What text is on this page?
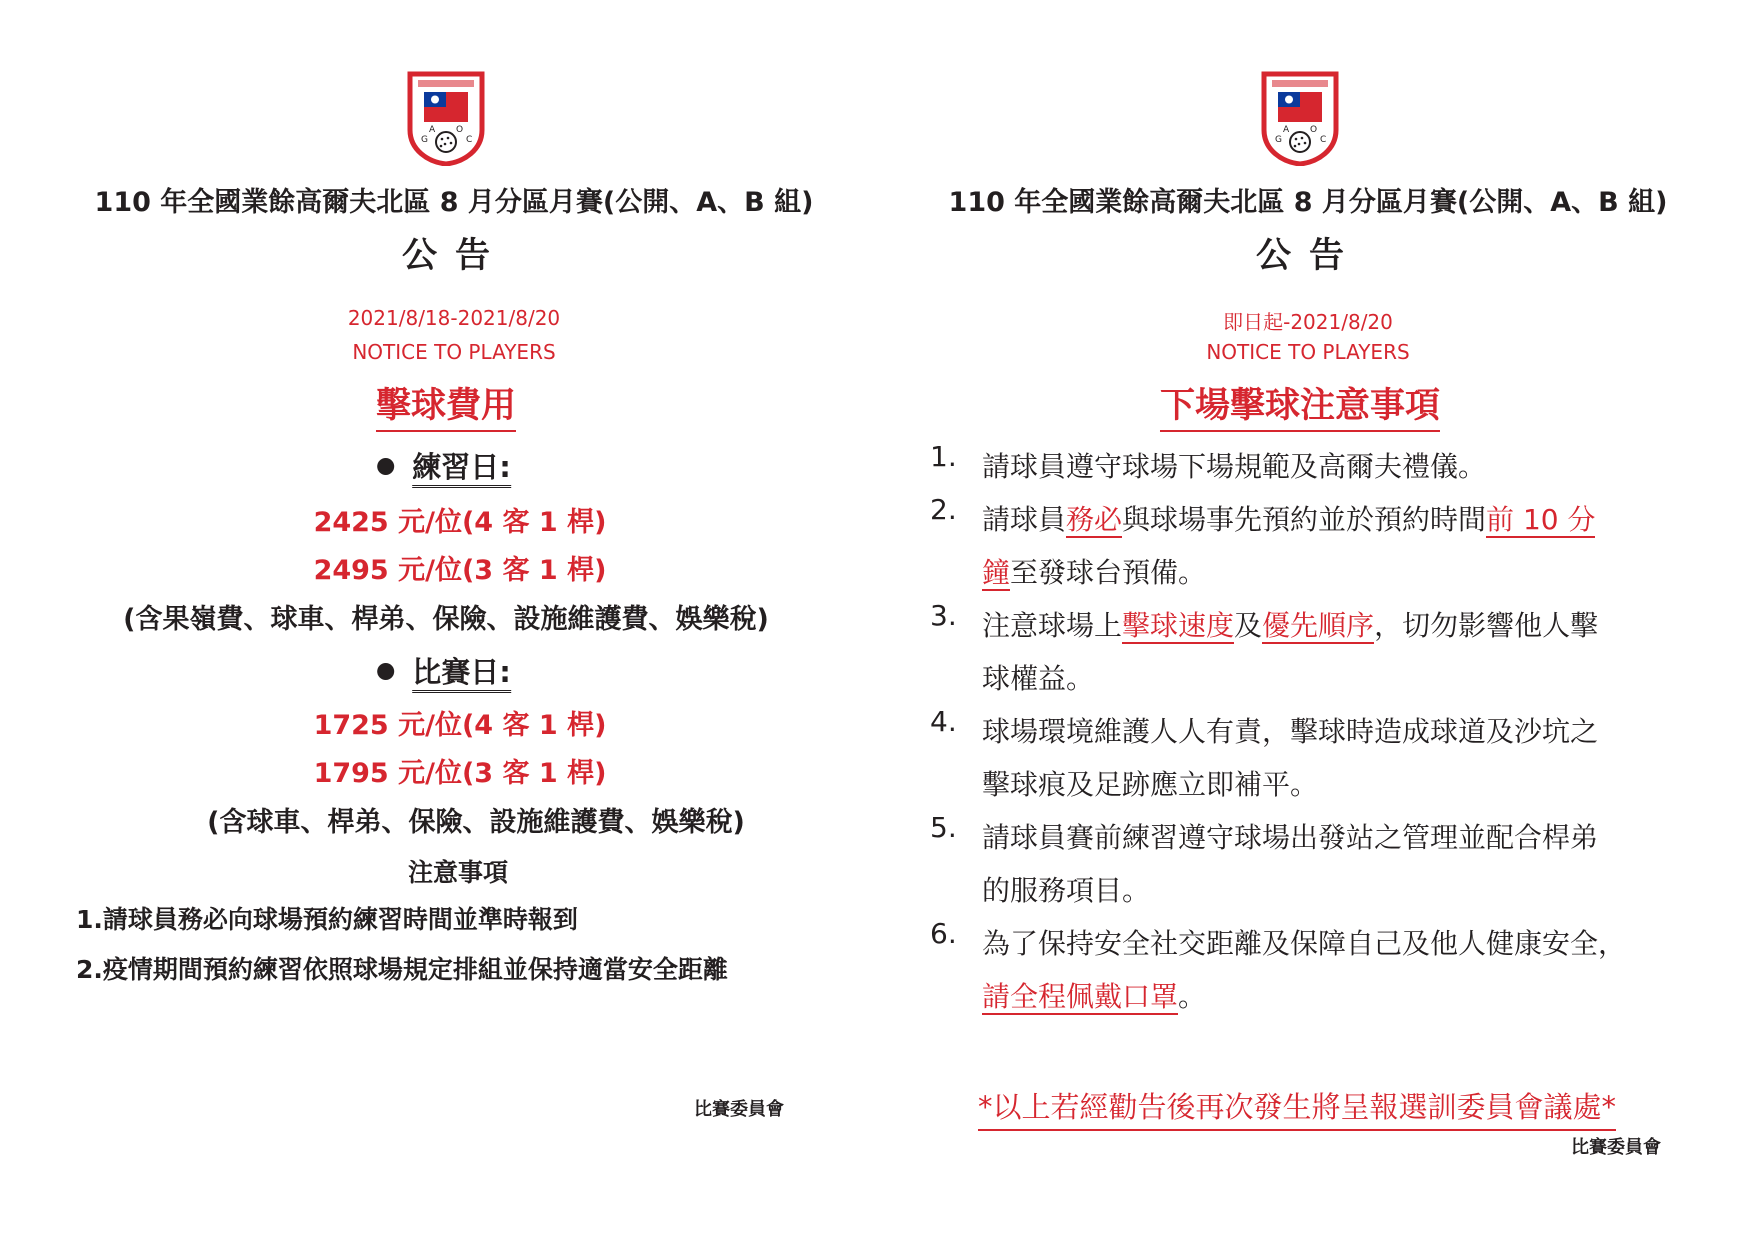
G
A O
C
110 年全國業餘高爾夫北區 8 月分區月賽(公開、A、B 組)
公告
2021/8/18-2021/8/20
NOTICE TO PLAYERS
擊球費用
練習日:
2425 元/位(4 客 1 桿)
2495 元/位(3 客 1 桿)
(含果嶺費、球車、桿弟、保險、設施維護費、娛樂稅)
比賽日:
1725 元/位(4 客 1 桿)
1795 元/位(3 客 1 桿)
(含球車、桿弟、保險、設施維護費、娛樂稅)
注意事項
1.請球員務必向球場預約練習時間並準時報到
2.疫情期間預約練習依照球場規定排組並保持適當安全距離
比賽委員會
G
A O
C
110 年全國業餘高爾夫北區 8 月分區月賽(公開、A、B 組)
公告
即日起-2021/8/20
NOTICE TO PLAYERS
下場擊球注意事項
1. 請球員遵守球場下場規範及高爾夫禮儀。
2. 請球員務必與球場事先預約並於預約時間前 10 分
鐘至發球台預備。
3. 注意球場上擊球速度及優先順序，切勿影響他人擊
球權益。
4. 球場環境維護人人有責，擊球時造成球道及沙坑之
擊球痕及足跡應立即補平。
5. 請球員賽前練習遵守球場出發站之管理並配合桿弟
的服務項目。
6. 為了保持安全社交距離及保障自己及他人健康安全，
請全程佩戴口罩。
*以上若經勸告後再次發生將呈報選訓委員會議處*
比賽委員會
